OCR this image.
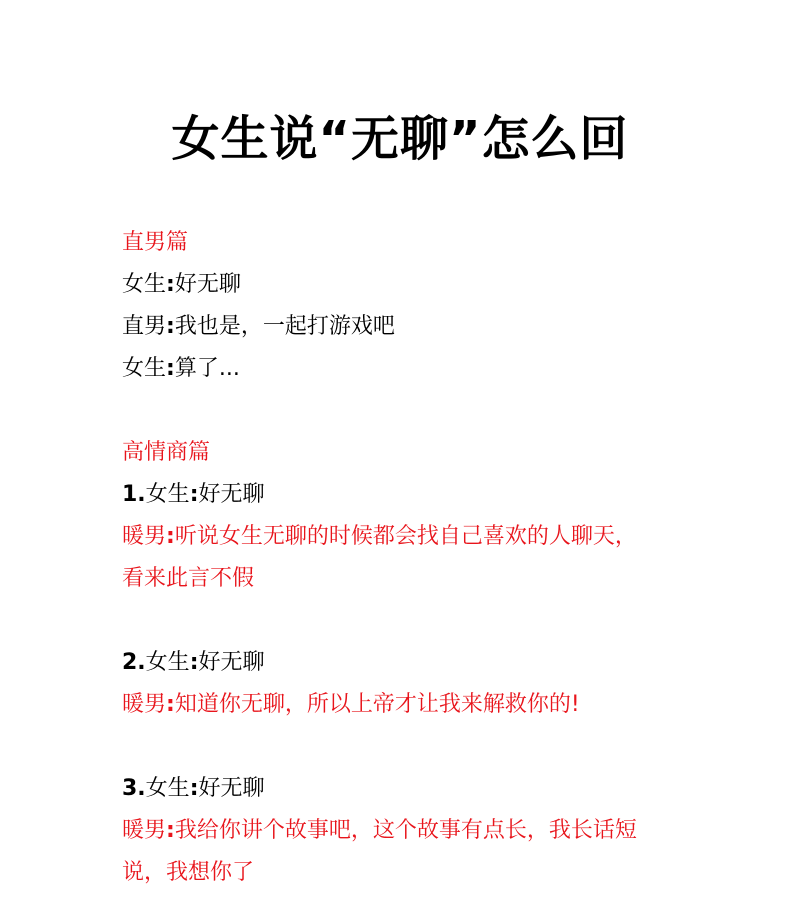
女生说“无聊”怎么回

直男篇

女生:好无聊

直男:我也是，一起打游戏吧

女生:算了...

高情商篇

1.女生:好无聊

暖男:听说女生无聊的时候都会找自己喜欢的人聊天，

看来此言不假

2.女生:好无聊

暖男:知道你无聊，所以上帝才让我来解救你的!

3.女生:好无聊

暖男:我给你讲个故事吧，这个故事有点长，我长话短

说，我想你了
